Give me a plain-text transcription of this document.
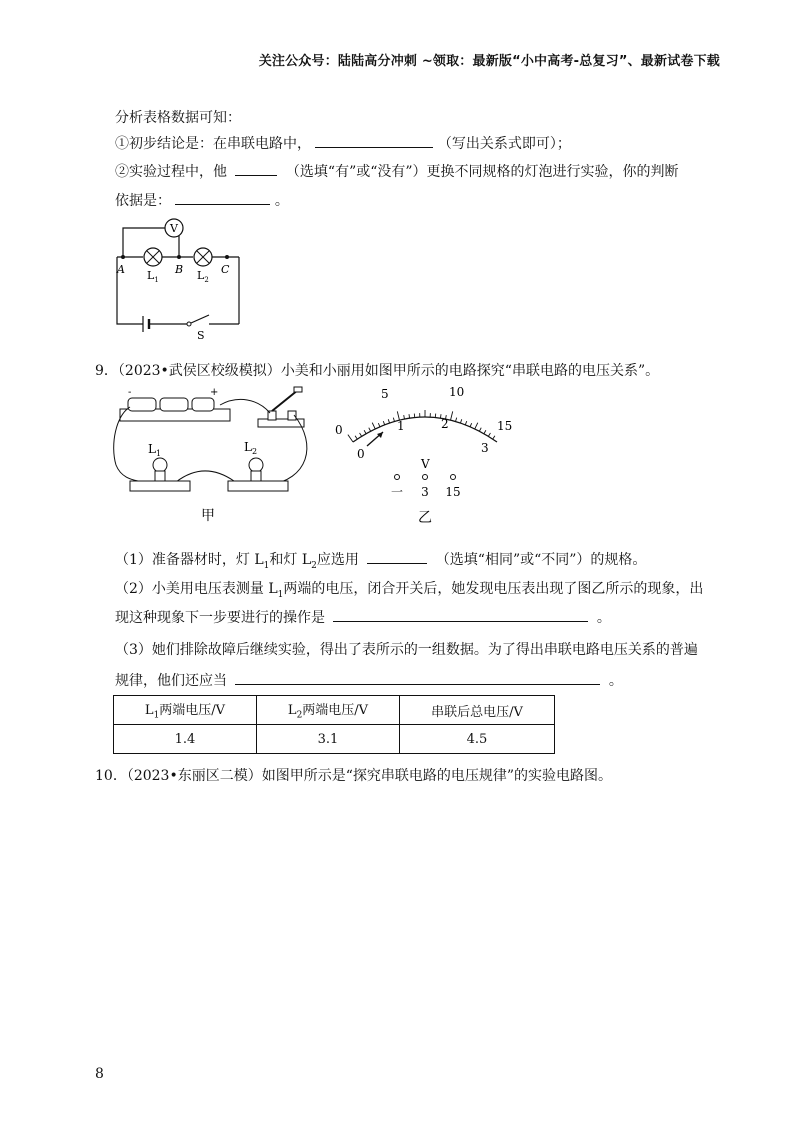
关注公众号：陆陆高分冲刺 ~领取：最新版“小中高考-总复习”、最新试卷下载
分析表格数据可知：
①初步结论是：在串联电路中，	（写出关系式即可）；
②实验过程中，他	（选填“有”或“没有”）更换不同规格的灯泡进行实验，你的判断
依据是：	。
V
A	B	C
$L_1$	$L_2$
S
9．（2023•武侯区校级模拟）小美和小丽用如图甲所示的电路探究“串联电路的电压关系”。
-	+
$L_1$	$L_2$
甲
0
5	10
15
0
1	2
3
V
一 3 15
乙
（1）准备器材时，灯 $L_1$和灯 $L_2$应选用	（选填“相同”或“不同”）的规格。
（2）小美用电压表测量 $L_1$两端的电压，闭合开关后，她发现电压表出现了图乙所示的现象，出
现这种现象下一步要进行的操作是	。
（3）她们排除故障后继续实验，得出了表所示的一组数据。为了得出串联电路电压关系的普遍
规律，他们还应当	。
$L_1$两端电压/V	$L_2$两端电压/V	串联后总电压/V
1.4	3.1	4.5
10．（2023•东丽区二模）如图甲所示是“探究串联电路的电压规律”的实验电路图。
8
